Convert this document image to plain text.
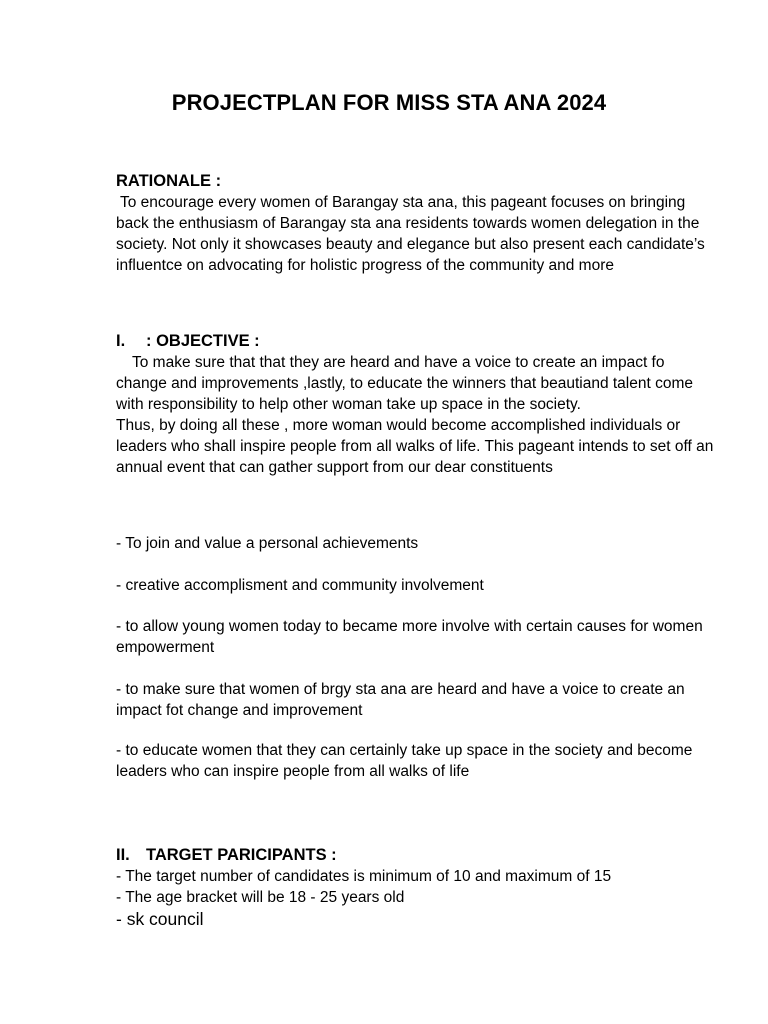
PROJECTPLAN FOR MISS STA ANA 2024
RATIONALE :
To encourage every women of Barangay sta ana, this pageant focuses on bringing back the enthusiasm of Barangay sta ana residents towards women delegation in the society. Not only it showcases beauty and elegance but also present each candidate’s influentce on advocating for holistic progress of the community and more
I. : OBJECTIVE :
To make sure that that they are heard and have a voice to create an impact fo change and improvements ,lastly, to educate the winners that beautiand talent come with responsibility to help other woman take up space in the society.
Thus, by doing all these , more woman would become accomplished individuals or leaders who shall inspire people from all walks of life. This pageant intends to set off an annual event that can gather support from our dear constituents
- To join and value a personal achievements
- creative accomplisment and community involvement
- to allow young women today to became more involve with certain causes for women empowerment
- to make sure that women of brgy sta ana are heard and have a voice to create an impact fot change and improvement
- to educate women that they can certainly take up space in the society and become leaders who can inspire people from all walks of life
II. TARGET PARICIPANTS :
- The target number of candidates is minimum of 10 and maximum of 15
- The age bracket will be 18 - 25 years old
- sk council
